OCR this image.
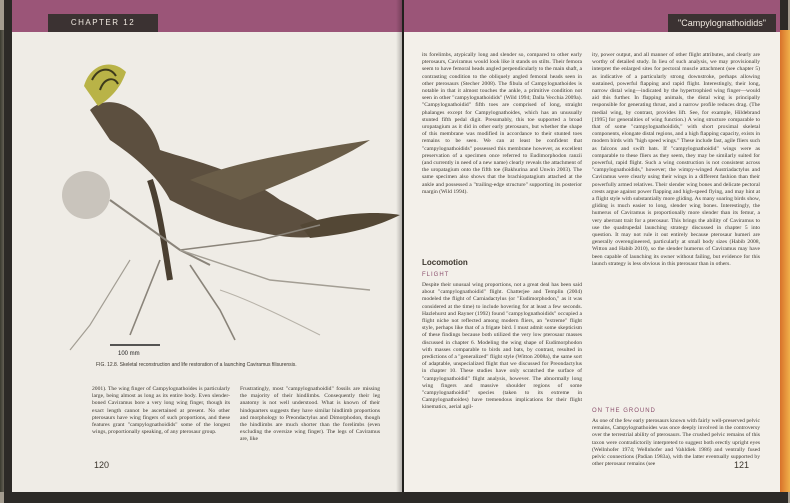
CHAPTER 12
100 mm
FIG. 12.8. Skeletal reconstruction and life restoration of a launching Caviramus filisurensis.
2001). The wing finger of Campylognathoides is particularly large, being almost as long as its entire body. Even slender-boned Caviramus bore a very long wing finger, though its exact length cannot be ascertained at present. No other pterosaurs have wing fingers of such proportions, and these features grant "campylognathoidids" some of the longest wings, proportionally speaking, of any pterosaur group.
Frustratingly, most "campylognathoidid" fossils are missing the majority of their hindlimbs. Consequently their leg anatomy is not well understood. What is known of their hindquarters suggests they have similar hindlimb proportions and morphology to Preondactylus and Dimorphodon, though the hindlimbs are much shorter than the forelimbs (even excluding the oversize wing finger). The legs of Caviramus are, like
120
"Campylognathoidids"
its forelimbs, atypically long and slender so, compared to other early pterosaurs, Caviramus would look like it stands on stilts. Their femora seem to have femoral heads angled perpendicularly to the main shaft, a contrasting condition to the obliquely angled femoral heads seen in other pterosaurs (Stecher 2008). The fibula of Campylognathoides is notable in that it almost touches the ankle, a primitive condition not seen in other "campylognathoidids" (Wild 1994; Dalla Vecchia 2009a). "Campylognathoidid" fifth toes are comprised of long, straight phalanges except for Campylognathoides, which has an unusually stunted fifth pedal digit. Presumably, this toe supported a broad uropatagium as it did in other early pterosaurs, but whether the shape of this membrane was modified in accordance to their stunted toes remains to be seen. We can at least be confident that "campylognathoidids" possessed this membrane however, as excellent preservation of a specimen once referred to Eudimorphodon ranzii (and currently in need of a new name) clearly reveals the attachment of the uropatagium onto the fifth toe (Bakhurina and Unwin 2003). The same specimen also shows that the brachiopatagium attached at the ankle and possessed a "trailing-edge structure" supporting its posterior margin (Wild 1994).
Locomotion
FLIGHT
Despite their unusual wing proportions, not a great deal has been said about "campylognathoidid" flight. Chatterjee and Templin (2004) modeled the flight of Carniadactylus (or "Eudimorphodon," as it was considered at the time) to include hovering for at least a few seconds. Hazlehurst and Rayner (1992) found "campylognathoidids" occupied a flight niche not reflected among modern fliers, an "extreme" flight style, perhaps like that of a frigate bird. I must admit some skepticism of these findings because both utilized the very low pterosaur masses discussed in chapter 6. Modeling the wing shape of Eudimorphodon with masses comparable to birds and bats, by contrast, resulted in predictions of a "generalized" flight style (Witton 2008a), the same sort of adaptable, unspecialized flight that we discussed for Preondactylus in chapter 10. These studies have only scratched the surface of "campylognathoidid" flight analysis, however. The abnormally long wing fingers and massive shoulder regions of some "campylognathoidid" species (taken to its extreme in Campylognathoides) have tremendous implications for their flight kinematics, aerial agil-
ity, power output, and all manner of other flight attributes, and clearly are worthy of detailed study. In lieu of such analysis, we may provisionally interpret the enlarged sites for pectoral muscle attachment (see chapter 5) as indicative of a particularly strong downstroke, perhaps allowing sustained, powerful flapping and rapid flight. Interestingly, their long, narrow distal wing—indicated by the hypertrophied wing finger—would aid this further. In flapping animals, the distal wing is principally responsible for generating thrust, and a narrow profile reduces drag. (The medial wing, by contrast, provides lift. See, for example, Hildebrand [1995] for generalities of wing function.) A wing structure comparable to that of some "campylognathoidids," with short proximal skeletal components, elongate distal regions, and a high flapping capacity, exists in modern birds with "high speed wings." These include fast, agile fliers such as falcons and swift bats. If "campylognathoidid" wings were as comparable to these fliers as they seem, they may be similarly suited for powerful, rapid flight. Such a wing construction is not consistent across "campylognathoidids," however; the wimpy-winged Austriadactylus and Caviramus were clearly using their wings in a different fashion than their powerfully armed relatives. Their slender wing bones and delicate pectoral crests argue against power flapping and high-speed flying, and may hint at a flight style with substantially more gliding. As many soaring birds show, gliding is much easier to long, slender wing bones. Interestingly, the humerus of Caviramus is proportionally more slender than its femur, a very aberrant trait for a pterosaur. This brings the ability of Caviramus to use the quadrupedal launching strategy discussed in chapter 5 into question. It may not rule it out entirely because pterosaur humeri are generally overengineered, particularly at small body sizes (Habib 2008, Witton and Habib 2010), so the slender humerus of Caviramus may have been capable of launching its owner without failing, but evidence for this launch strategy is less obvious in this pterosaur than in others.
ON THE GROUND
As one of the few early pterosaurs known with fairly well-preserved pelvic remains, Campylognathoides was once deeply involved in the controversy over the terrestrial ability of pterosaurs. The crushed pelvic remains of this taxon were contradictorily interpreted to suggest both erectly upright eyes (Wellnhofer 1974; Wellnhofer and Vahldiek 1986) and ventrally fused pelvic connections (Padian 1983a), with the latter eventually supported by other pterosaur remains (see	121
